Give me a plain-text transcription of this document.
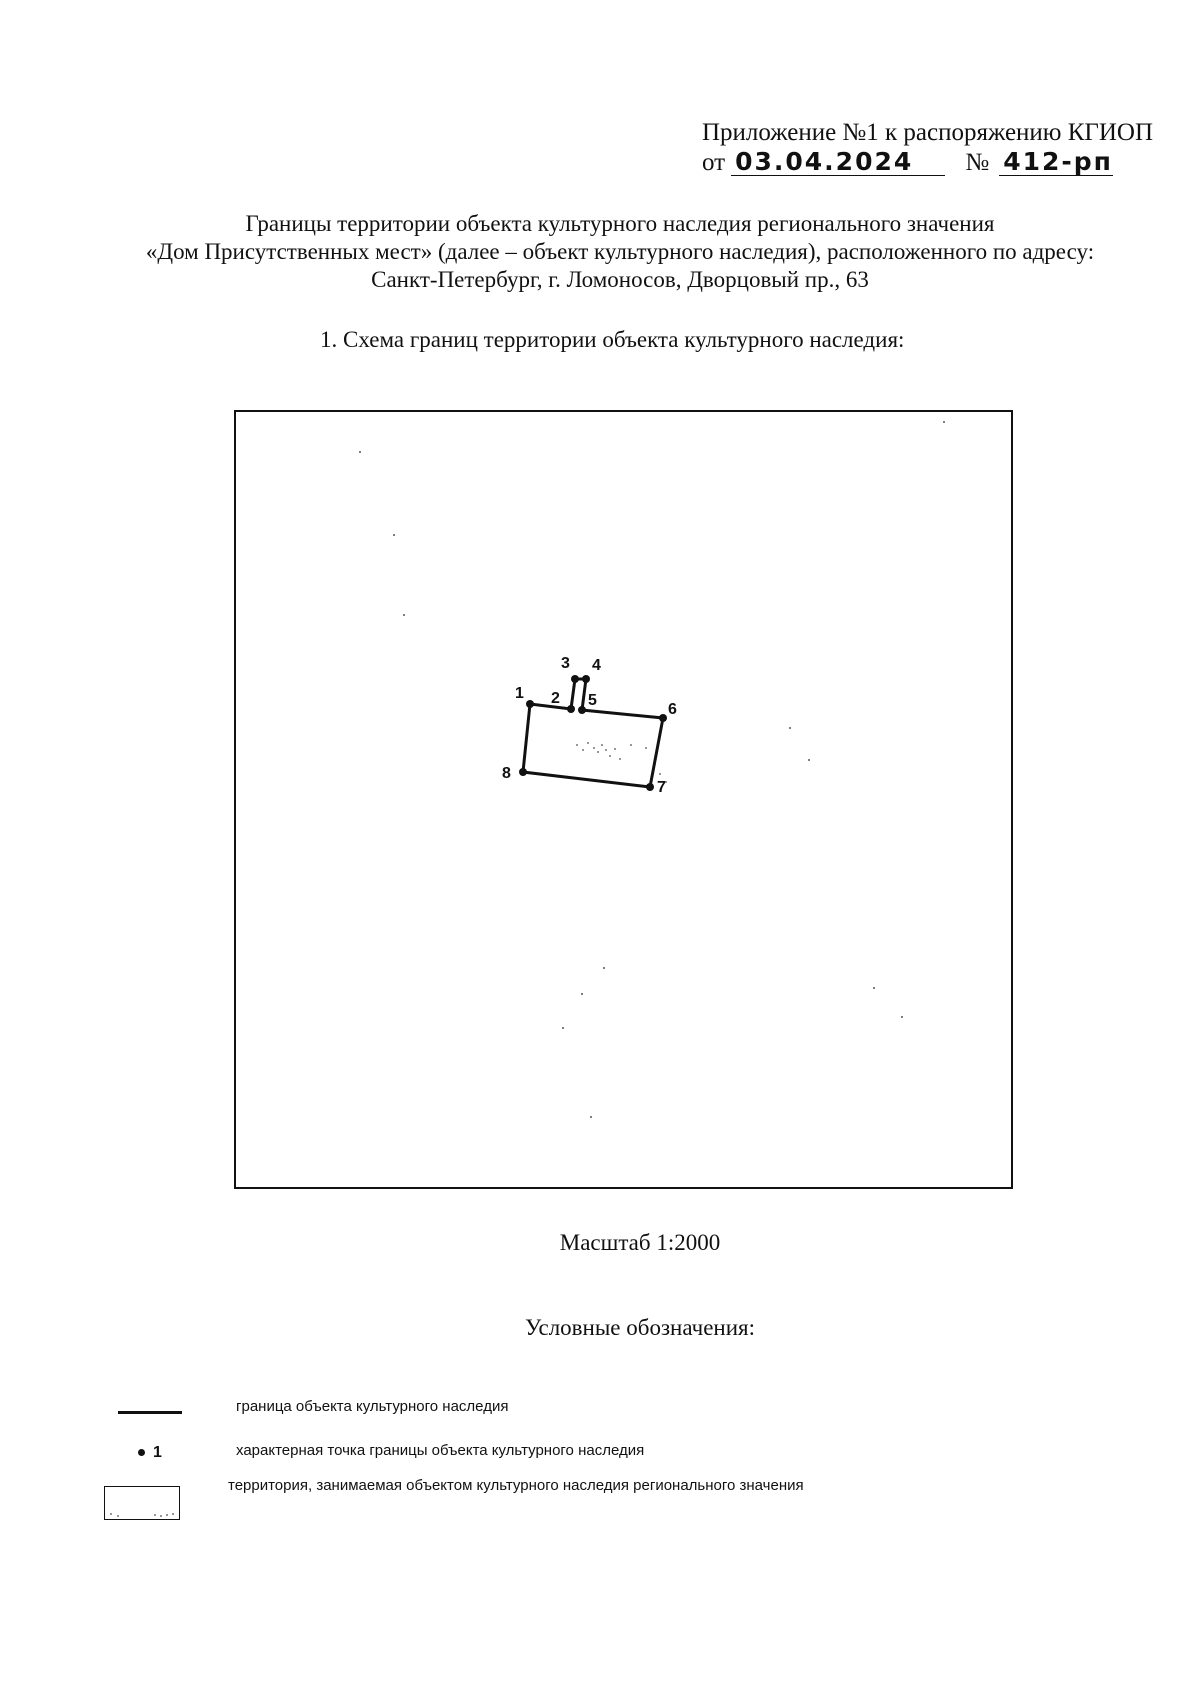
Приложение №1 к распоряжению КГИОП
от 03.04.2024 № 412-рп
Границы территории объекта культурного наследия регионального значения
«Дом Присутственных мест» (далее – объект культурного наследия), расположенного по адресу:
Санкт-Петербург, г. Ломоносов, Дворцовый пр., 63
1. Схема границ территории объекта культурного наследия:
1 2
3 4
5
6
7
8
Масштаб 1:2000
Условные обозначения:
граница объекта культурного наследия
1	характерная точка границы объекта культурного наследия
территория, занимаемая объектом культурного наследия регионального значения
